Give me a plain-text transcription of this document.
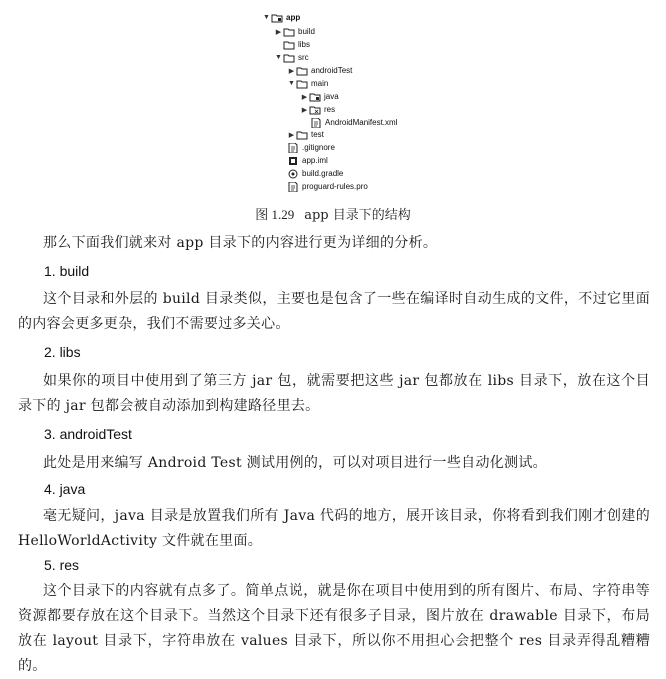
▼ app
▶ build
libs
▼ src
▶ androidTest
▼ main
▶ java
▶ res
AndroidManifest.xml
▶ test
.gitignore
app.iml
build.gradle
proguard-rules.pro
图 1.29 app 目录下的结构
那么下面我们就来对 app 目录下的内容进行更为详细的分析。
1. build
这个目录和外层的 build 目录类似，主要也是包含了一些在编译时自动生成的文件，不过它里面的内容会更多更杂，我们不需要过多关心。
2. libs
如果你的项目中使用到了第三方 jar 包，就需要把这些 jar 包都放在 libs 目录下，放在这个目录下的 jar 包都会被自动添加到构建路径里去。
3. androidTest
此处是用来编写 Android Test 测试用例的，可以对项目进行一些自动化测试。
4. java
毫无疑问，java 目录是放置我们所有 Java 代码的地方，展开该目录，你将看到我们刚才创建的 HelloWorldActivity 文件就在里面。
5. res
这个目录下的内容就有点多了。简单点说，就是你在项目中使用到的所有图片、布局、字符串等资源都要存放在这个目录下。当然这个目录下还有很多子目录，图片放在 drawable 目录下，布局放在 layout 目录下，字符串放在 values 目录下，所以你不用担心会把整个 res 目录弄得乱糟糟的。
